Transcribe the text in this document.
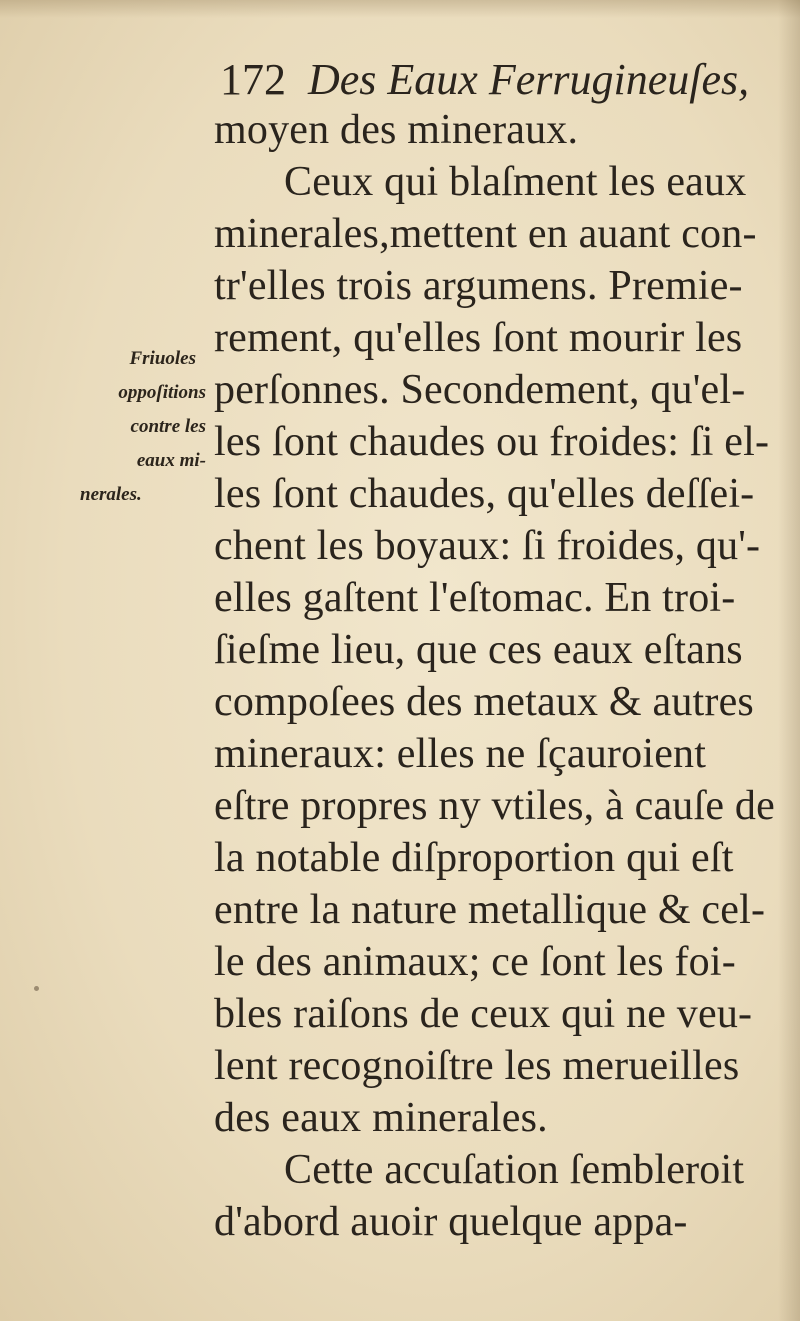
172 Des Eaux Ferrugineuſes,
Friuoles
oppoſitions
contre les
eaux mi-
nerales.
moyen des mineraux.
Ceux qui blaſment les eaux
minerales,mettent en auant con-
tr'elles trois argumens. Premie-
rement, qu'elles ſont mourir les
perſonnes. Secondement, qu'el-
les ſont chaudes ou froides: ſi el-
les ſont chaudes, qu'elles deſſei-
chent les boyaux: ſi froides, qu'-
elles gaſtent l'eſtomac. En troi-
ſieſme lieu, que ces eaux eſtans
compoſees des metaux & autres
mineraux: elles ne ſçauroient
eſtre propres ny vtiles, à cauſe de
la notable diſproportion qui eſt
entre la nature metallique & cel-
le des animaux; ce ſont les foi-
bles raiſons de ceux qui ne veu-
lent recognoiſtre les merueilles
des eaux minerales.
Cette accuſation ſembleroit
d'abord auoir quelque appa-
